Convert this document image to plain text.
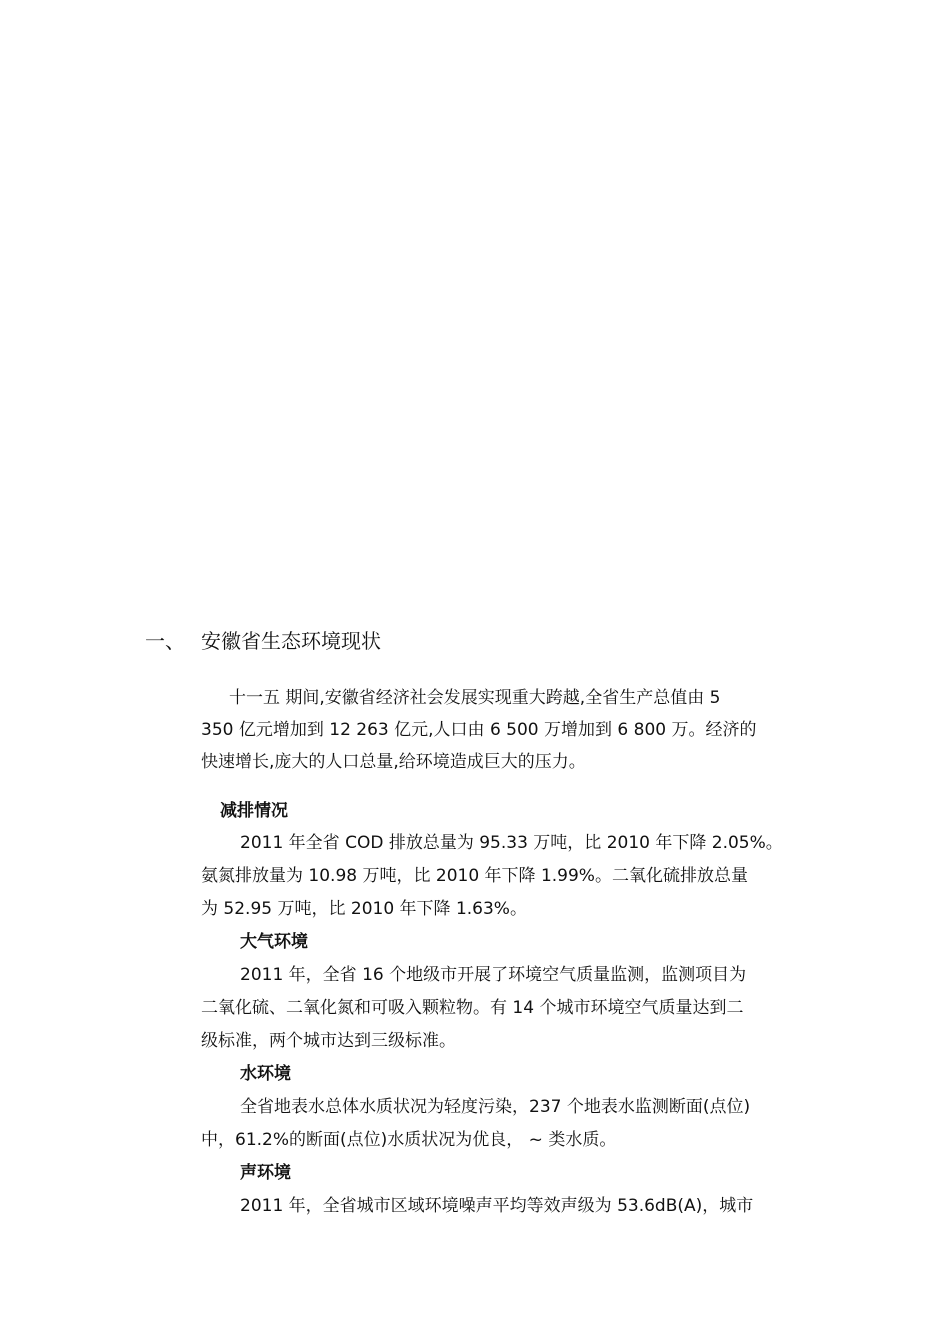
一、 安徽省生态环境现状
十一五 期间,安徽省经济社会发展实现重大跨越,全省生产总值由 5
350 亿元增加到 12 263 亿元,人口由 6 500 万增加到 6 800 万。经济的
快速增长,庞大的人口总量,给环境造成巨大的压力。
减排情况
2011 年全省 COD 排放总量为 95.33 万吨，比 2010 年下降 2.05%。
氨氮排放量为 10.98 万吨，比 2010 年下降 1.99%。二氧化硫排放总量
为 52.95 万吨，比 2010 年下降 1.63%。
大气环境
2011 年，全省 16 个地级市开展了环境空气质量监测，监测项目为
二氧化硫、二氧化氮和可吸入颗粒物。有 14 个城市环境空气质量达到二
级标准，两个城市达到三级标准。
水环境
全省地表水总体水质状况为轻度污染，237 个地表水监测断面(点位)
中，61.2%的断面(点位)水质状况为优良， ~ 类水质。
声环境
2011 年，全省城市区域环境噪声平均等效声级为 53.6dB(A)，城市
